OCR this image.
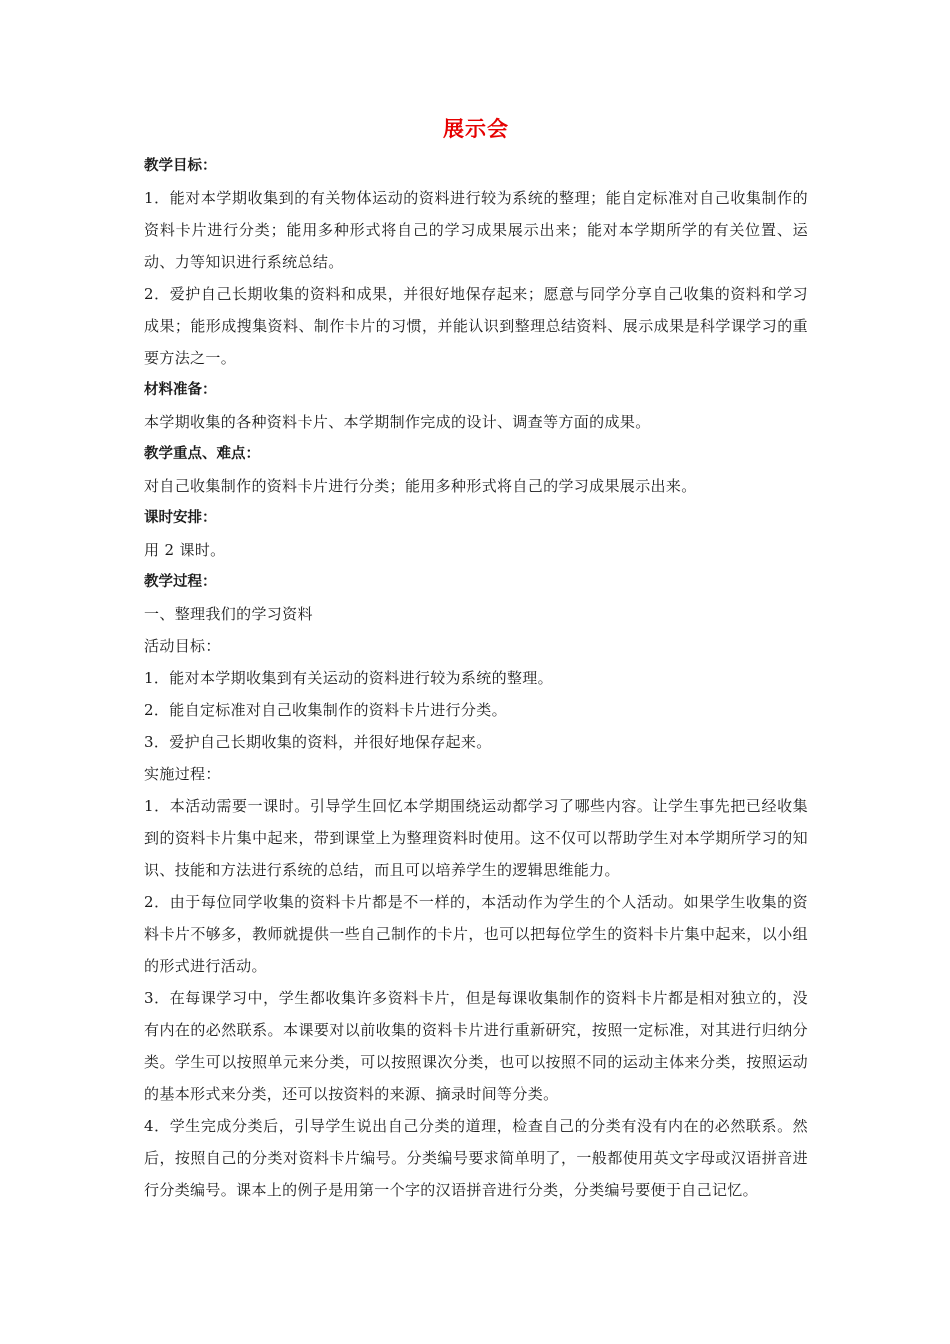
展示会

教学目标：

1．能对本学期收集到的有关物体运动的资料进行较为系统的整理；能自定标准对自己收集制作的资料卡片进行分类；能用多种形式将自己的学习成果展示出来；能对本学期所学的有关位置、运动、力等知识进行系统总结。

2．爱护自己长期收集的资料和成果，并很好地保存起来；愿意与同学分享自己收集的资料和学习成果；能形成搜集资料、制作卡片的习惯，并能认识到整理总结资料、展示成果是科学课学习的重要方法之一。

材料准备：

本学期收集的各种资料卡片、本学期制作完成的设计、调查等方面的成果。

教学重点、难点：

对自己收集制作的资料卡片进行分类；能用多种形式将自己的学习成果展示出来。

课时安排：

用 2 课时。

教学过程：

一、整理我们的学习资料

活动目标：

1．能对本学期收集到有关运动的资料进行较为系统的整理。

2．能自定标准对自己收集制作的资料卡片进行分类。

3．爱护自己长期收集的资料，并很好地保存起来。

实施过程：

1．本活动需要一课时。引导学生回忆本学期围绕运动都学习了哪些内容。让学生事先把已经收集到的资料卡片集中起来，带到课堂上为整理资料时使用。这不仅可以帮助学生对本学期所学习的知识、技能和方法进行系统的总结，而且可以培养学生的逻辑思维能力。

2．由于每位同学收集的资料卡片都是不一样的，本活动作为学生的个人活动。如果学生收集的资料卡片不够多，教师就提供一些自己制作的卡片，也可以把每位学生的资料卡片集中起来，以小组的形式进行活动。

3．在每课学习中，学生都收集许多资料卡片，但是每课收集制作的资料卡片都是相对独立的，没有内在的必然联系。本课要对以前收集的资料卡片进行重新研究，按照一定标准，对其进行归纳分类。学生可以按照单元来分类，可以按照课次分类，也可以按照不同的运动主体来分类，按照运动的基本形式来分类，还可以按资料的来源、摘录时间等分类。

4．学生完成分类后，引导学生说出自己分类的道理，检查自己的分类有没有内在的必然联系。然后，按照自己的分类对资料卡片编号。分类编号要求简单明了，一般都使用英文字母或汉语拼音进行分类编号。课本上的例子是用第一个字的汉语拼音进行分类，分类编号要便于自己记忆。
